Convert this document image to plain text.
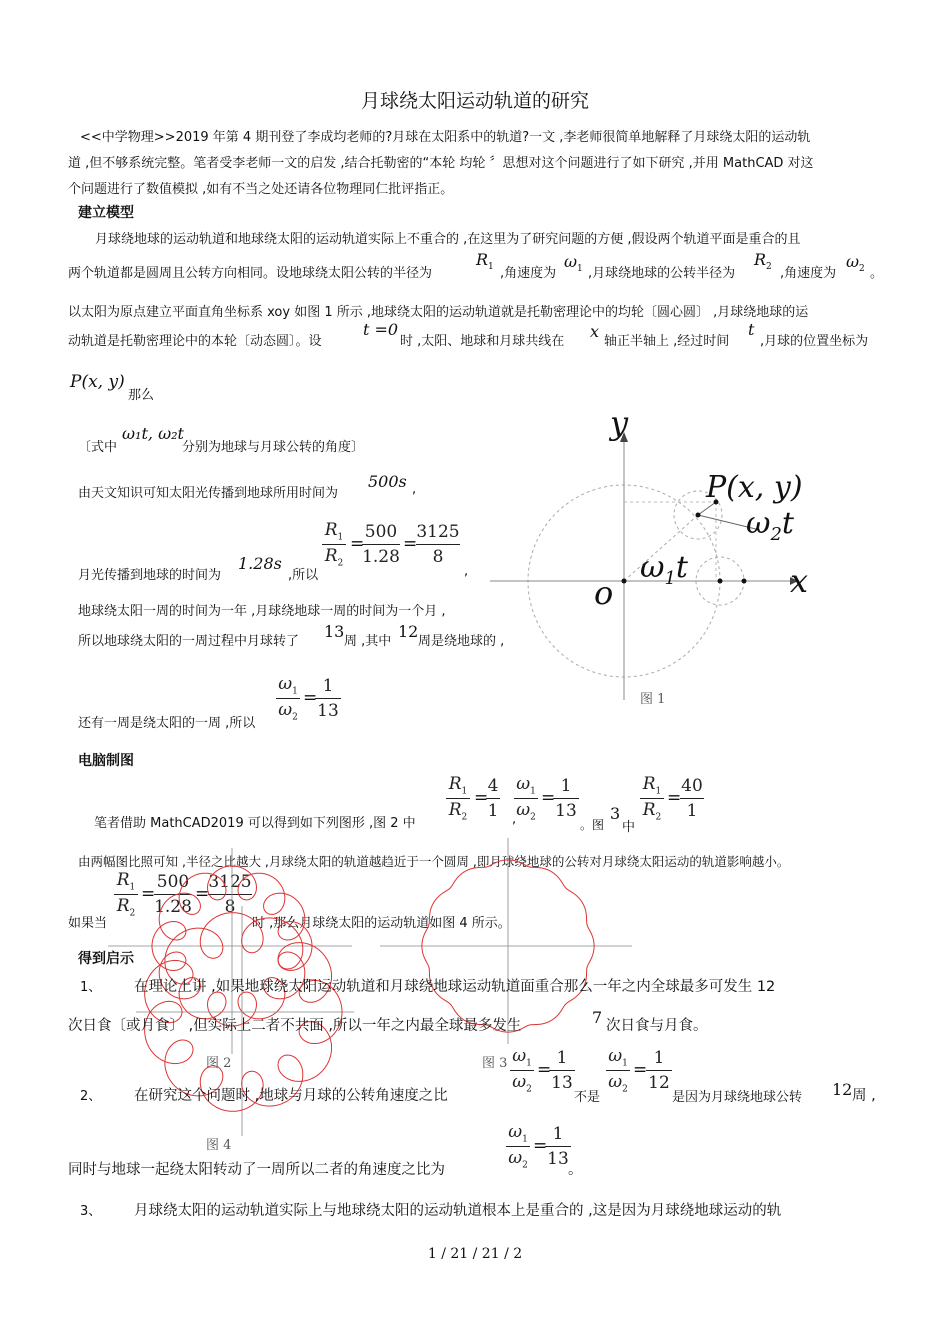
月球绕太阳运动轨道的研究
<<中学物理>>2019 年第 4 期刊登了李成均老师的?月球在太阳系中的轨道?一文 ,李老师很简单地解释了月球绕太阳的运动轨
道 ,但不够系统完整。笔者受李老师一文的启发 ,结合托勒密的“本轮 均轮 〞思想对这个问题进行了如下研究 ,并用 MathCAD 对这
个问题进行了数值模拟 ,如有不当之处还请各位物理同仁批评指正。
建立模型
月球绕地球的运动轨道和地球绕太阳的运动轨道实际上不重合的 ,在这里为了研究问题的方便 ,假设两个轨道平面是重合的且
两个轨道都是圆周且公转方向相同。设地球绕太阳公转的半径为
$R_1$ ,角速度为
$\omega_1$ ,月球绕地球的公转半径为
$R_2$ ,角速度为
$\omega_2$ 。
以太阳为原点建立平面直角坐标系 xoy 如图 1 所示 ,地球绕太阳的运动轨道就是托勒密理论中的均轮〔圆心圆〕 ,月球绕地球的运
动轨道是托勒密理论中的本轮〔动态圆〕。设
t =0
时 ,太阳、地球和月球共线在
x
轴正半轴上 ,经过时间
t
,月球的位置坐标为
P(x, y)
那么
〔式中
ω₁t, ω₂t
分别为地球与月球公转的角度〕
由天文知识可知太阳光传播到地球所用时间为
500s ,
月光传播到地球的时间为
1.28s
,所以	,
$R_1$
$R_2$
=
500
1.28
=
3125
8
地球绕太阳一周的时间为一年 ,月球绕地球一周的时间为一个月 ,
所以地球绕太阳的一周过程中月球转了
13
周 ,其中
12
周是绕地球的 ,
还有一周是绕太阳的一周 ,所以
$\omega_1$
$\omega_2$
=
1
13
y
x
o
P(x, y)
$\omega_2t$
$\omega_1t$
图 1
电脑制图
笔者借助 MathCAD2019 可以得到如下列图形 ,图 2 中	,	。图
3
中
$R_1$
$R_2$
=
4
1
$\omega_1$
$\omega_2$
=
1
13
$R_1$
$R_2$
=
40
1
由两幅图比照可知 ,半径之比越大 ,月球绕太阳的轨道越趋近于一个圆周 ,即月球绕地球的公转对月球绕太阳运动的轨道影响越小。
如果当	时 ,那么月球绕太阳的运动轨道如图 4 所示。
$R_1$
$R_2$
=
500
1.28
=
3125
8
图 2	图 3
图 4
得到启示
1、 在理论上讲 ,如果地球绕太阳运动轨道和月球绕地球运动轨道面重合那么一年之内全球最多可发生 12
次日食〔或月食〕 ,但实际上二者不共面 ,所以一年之内最全球最多发生	7 次日食与月食。
2、 在研究这个问题时 ,地球与月球的公转角速度之比	不是	是因为月球绕地球公转 12 周 ,
$\omega_1$
$\omega_2$
=
1
13
$\omega_1$
$\omega_2$
=
1
12
同时与地球一起绕太阳转动了一周所以二者的角速度之比为	。
$\omega_1$
$\omega_2$
=
1
13
3、 月球绕太阳的运动轨道实际上与地球绕太阳的运动轨道根本上是重合的 ,这是因为月球绕地球运动的轨
1 / 21 / 21 / 2
